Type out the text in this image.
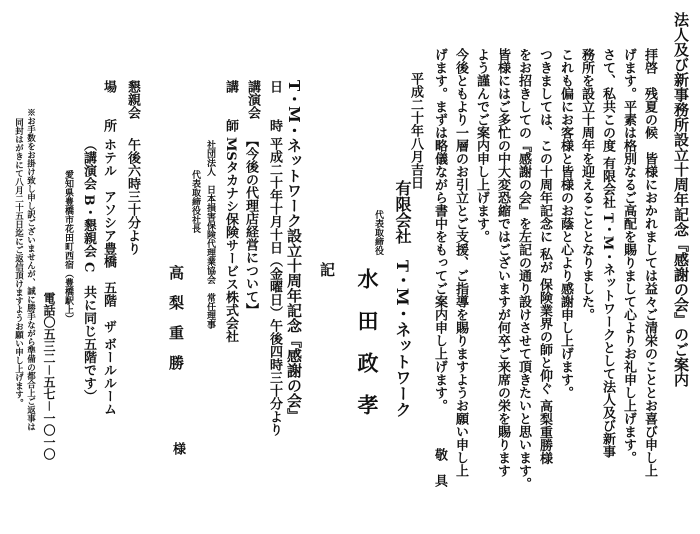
法人及び新事務所設立十周年記念『感謝の会』のご案内
拝啓　残夏の候　皆様におかれましては益々ご清栄のこととお喜び申し上
げます。平素は格別なるご高配を賜りまして心よりお礼申し上げます。
さて、私共この度 有限会社 T・M・ネットワークとして法人及び新事
務所を設立十周年を迎えることとなりました。
これも偏にお客様と皆様のお蔭と心より感謝申し上げます。
つきましては、この十周年記念に 私が 保険業界の師と仰ぐ 高梨重勝様
をお招きしての『感謝の会』を左記の通り設けさせて頂きたいと思います。
皆様にはご多忙の中大変恐縮ではございますが何卒ご来席の栄を賜ります
よう謹んでご案内申し上げます。
今後ともより一層のお引立とご支援、ご指導を賜りますようお願い申し上
げます。まずは略儀ながら書中をもってご案内申し上げます。
敬　具
平成二十年八月吉日
有限会社　T・M・ネットワーク
代表取締役
水　田　政　孝
記
T・M・ネットワーク設立十周年記念『感謝の会』
日　　時
平成二十年十月十日（金曜日）午後四時三十分より
講演会
【今後の代理店経営について】
講　　師
MSタカナシ保険サービス株式会社
社団法人　日本損害保険代理業協会　常任理事
代表取締役社長
高　梨　重　勝
様
懇親会
午後六時三十分より
場　　所
ホテル　アソシア豊橋　五階　ザ ボールルーム
（講演会 B・懇親会 C　共に同じ五階です）
愛知県豊橋市花田町西宿（豊橋駅上）
電話〇五三二－五七－一〇一〇
※お手数をお掛け致し申し訳ございませんが、誠に勝手ながら準備の都合上ご返事は
同封はがきにて八月二十五日迄にご返信頂けますようお願い申し上げます。
